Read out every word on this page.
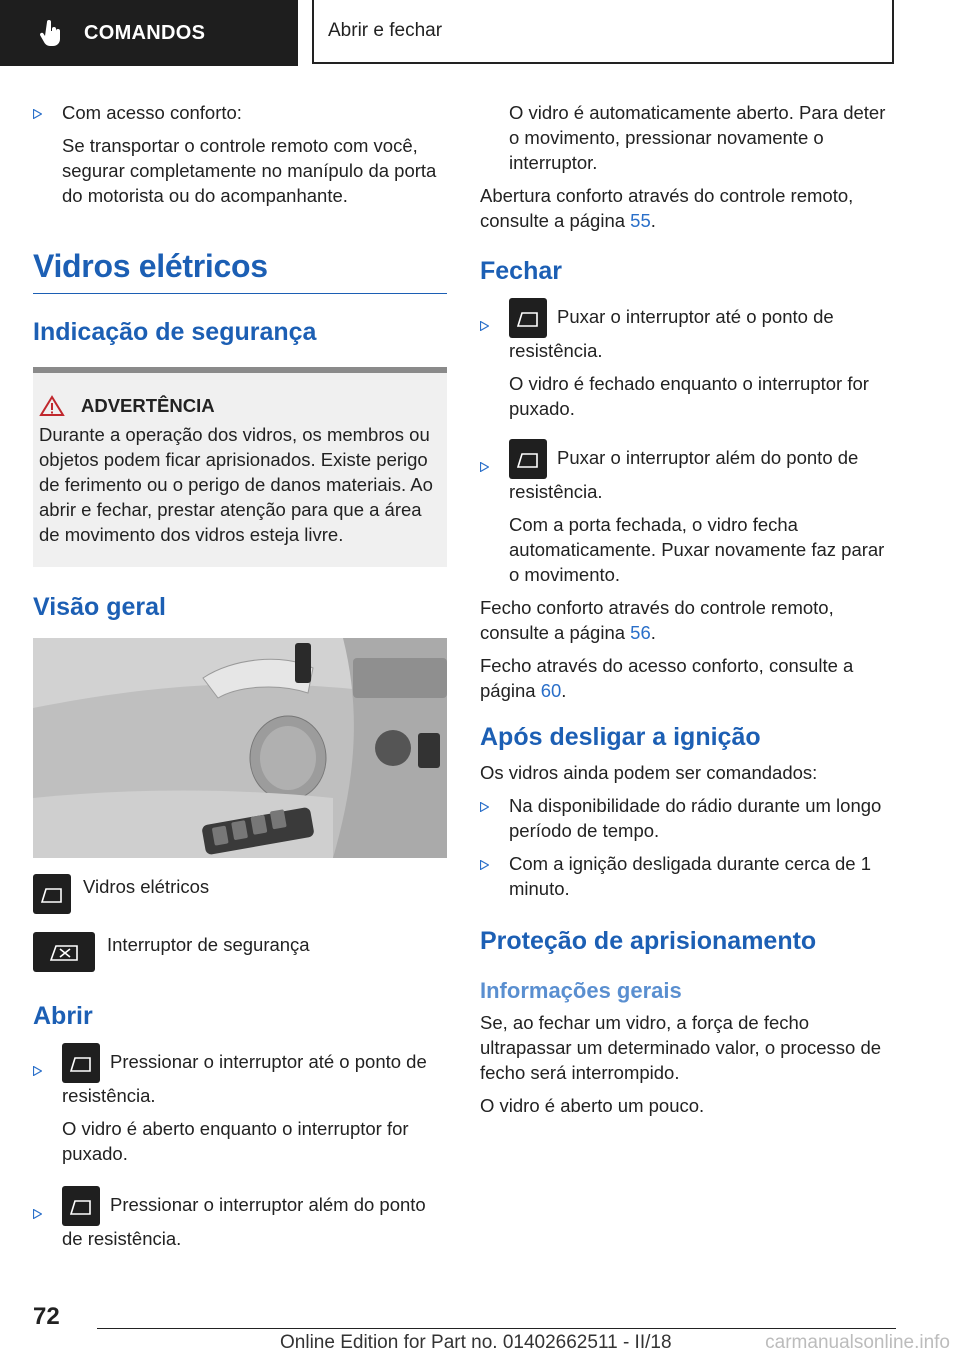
COMANDOS	Abrir e fechar

Com acesso conforto:

Se transportar o controle remoto com você, segurar completamente no manípulo da porta do motorista ou do acompanhante.

Vidros elétricos
Indicação de segurança
ADVERTÊNCIA

Durante a operação dos vidros, os membros ou objetos podem ficar aprisionados. Existe perigo de ferimento ou o perigo de danos materiais. Ao abrir e fechar, prestar atenção para que a área de movimento dos vidros esteja livre.

Visão geral

Vidros elétricos

Interruptor de segurança

Abrir

Pressionar o interruptor até o ponto de resistência.

O vidro é aberto enquanto o interruptor for puxado.

Pressionar o interruptor além do ponto de resistência.

O vidro é automaticamente aberto. Para deter o movimento, pressionar novamente o interruptor.

Abertura conforto através do controle remoto, consulte a página 55.

Fechar

Puxar o interruptor até o ponto de resistência.

O vidro é fechado enquanto o interruptor for puxado.

Puxar o interruptor além do ponto de resistência.

Com a porta fechada, o vidro fecha automaticamente. Puxar novamente faz parar o movimento.

Fecho conforto através do controle remoto, consulte a página 56.

Fecho através do acesso conforto, consulte a página 60.

Após desligar a ignição

Os vidros ainda podem ser comandados:

Na disponibilidade do rádio durante um longo período de tempo.

Com a ignição desligada durante cerca de 1 minuto.

Proteção de aprisionamento
Informações gerais

Se, ao fechar um vidro, a força de fecho ultrapassar um determinado valor, o processo de fecho será interrompido.

O vidro é aberto um pouco.

72
Online Edition for Part no. 01402662511 - II/18	carmanualsonline.info
